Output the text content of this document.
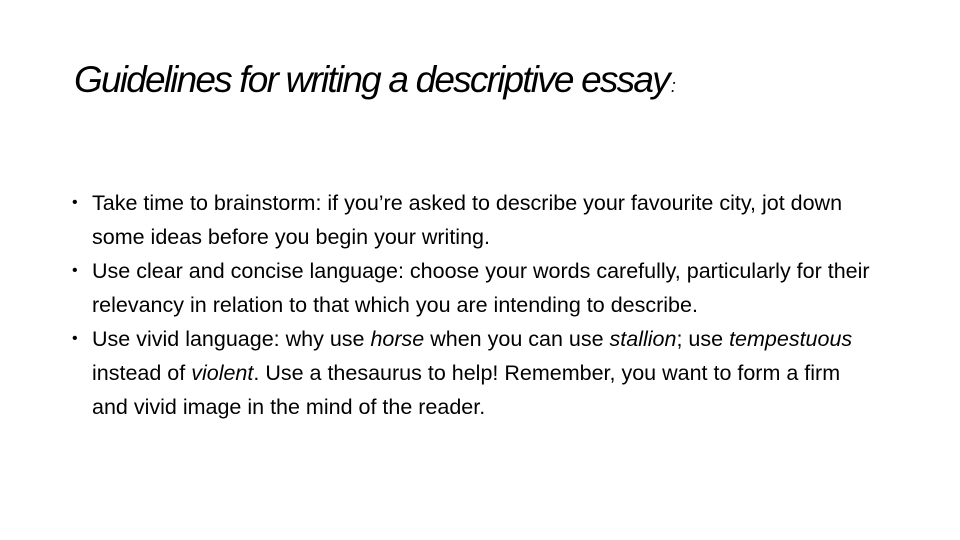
Guidelines for writing a descriptive essay :
• Take time to brainstorm: if you’re asked to describe your favourite city, jot down some ideas before you begin your writing.
• Use clear and concise language: choose your words carefully, particularly for their relevancy in relation to that which you are intending to describe.
• Use vivid language: why use horse when you can use stallion; use tempestuous instead of violent. Use a thesaurus to help! Remember, you want to form a firm and vivid image in the mind of the reader.
